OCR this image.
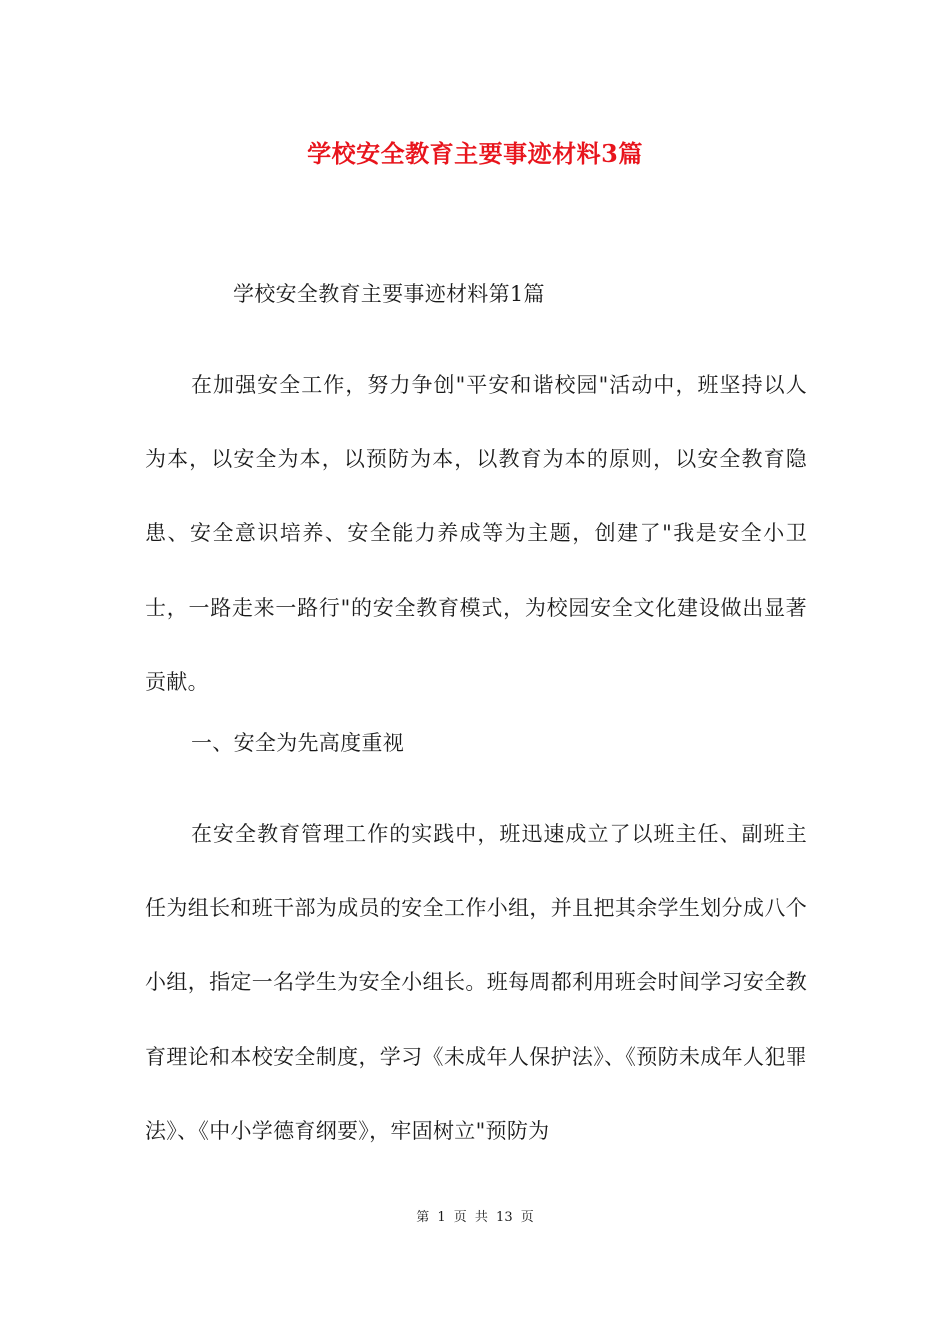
学校安全教育主要事迹材料3篇
学校安全教育主要事迹材料第1篇
在加强安全工作，努力争创"平安和谐校园"活动中，班坚持以人为本，以安全为本，以预防为本，以教育为本的原则，以安全教育隐患、安全意识培养、安全能力养成等为主题，创建了"我是安全小卫士，一路走来一路行"的安全教育模式，为校园安全文化建设做出显著贡献。
一、安全为先高度重视
在安全教育管理工作的实践中，班迅速成立了以班主任、副班主任为组长和班干部为成员的安全工作小组，并且把其余学生划分成八个小组，指定一名学生为安全小组长。班每周都利用班会时间学习安全教育理论和本校安全制度，学习《未成年人保护法》、《预防未成年人犯罪法》、《中小学德育纲要》，牢固树立"预防为
第 1 页 共 13 页
